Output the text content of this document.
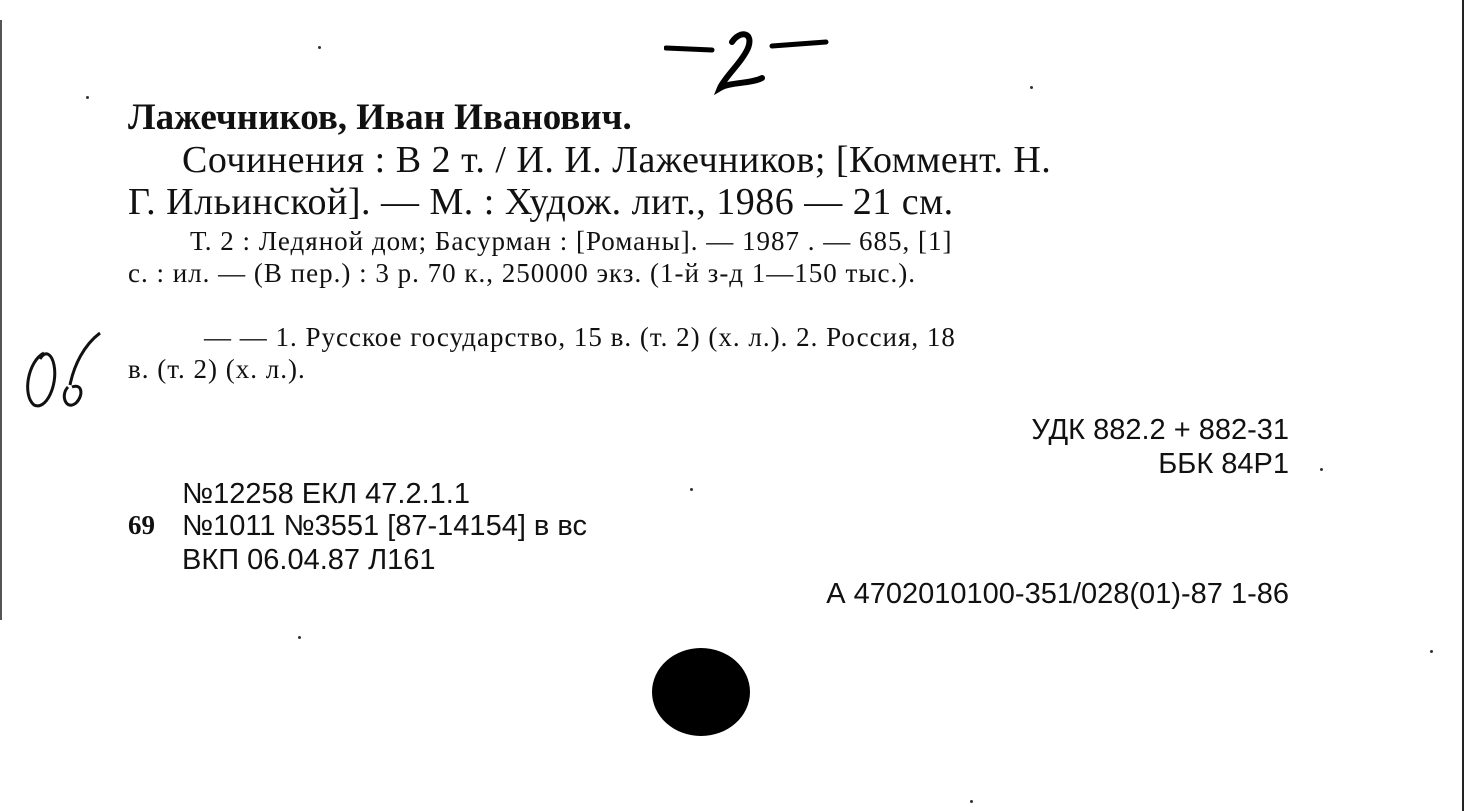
Лажечников, Иван Иванович.
Сочинения : В 2 т. / И. И. Лажечников; [Коммент. Н.
Г. Ильинской]. — М. : Худож. лит., 1986 — 21 см.
Т. 2 : Ледяной дом; Басурман : [Романы]. — 1987 . — 685, [1]
с. : ил. — (В пер.) : 3 р. 70 к., 250000 экз. (1-й з-д 1—150 тыс.).
— — 1. Русское государство, 15 в. (т. 2) (х. л.). 2. Россия, 18
в. (т. 2) (х. л.).
УДК 882.2 + 882-31
ББК 84Р1
№12258 ЕКЛ 47.2.1.1
69 №1011 №3551 [87-14154] в вс
ВКП 06.04.87 Л161
А 4702010100-351/028(01)-87 1-86
